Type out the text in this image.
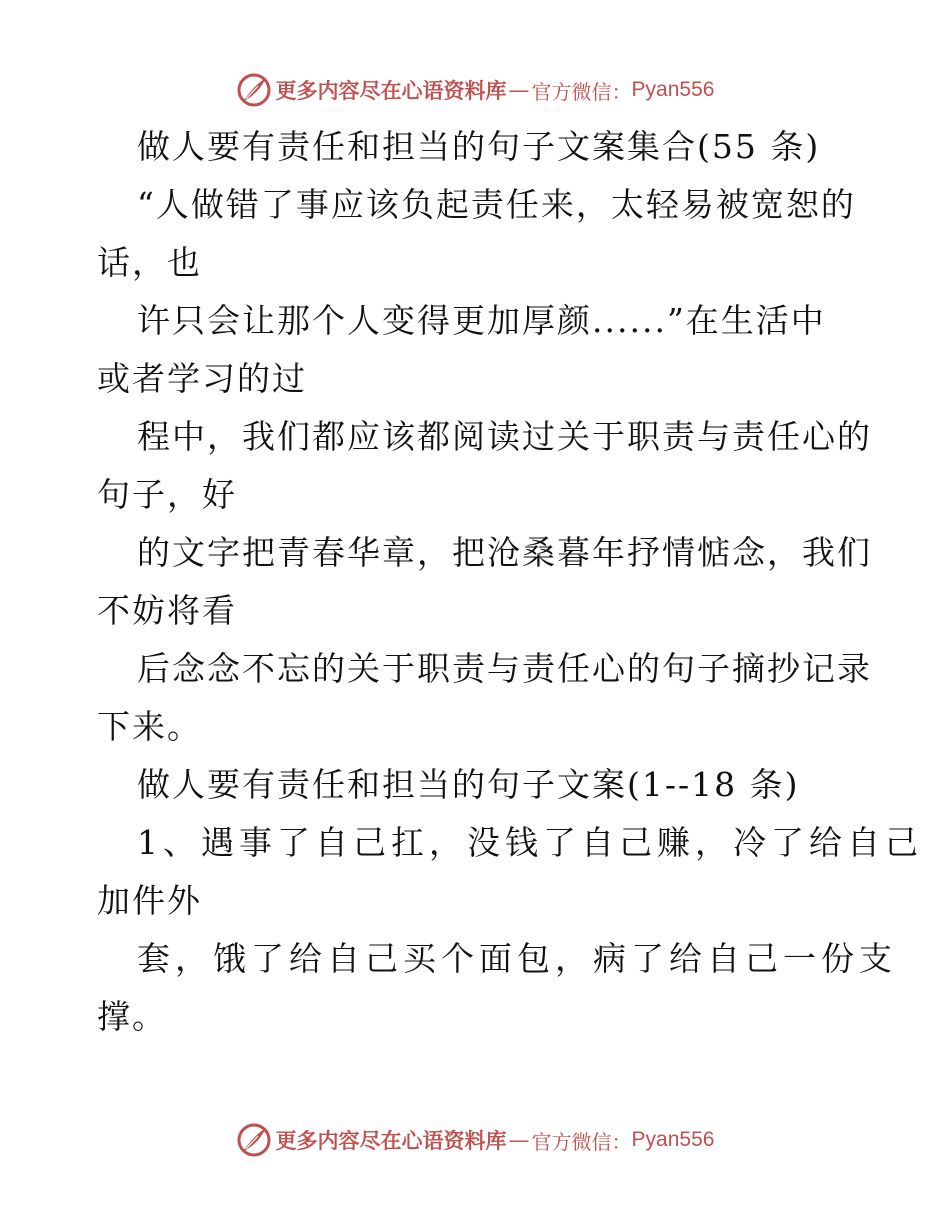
更多内容尽在心语资料库 — 官方微信： Pyan556
做人要有责任和担当的句子文案集合(55 条)
“人做错了事应该负起责任来，太轻易被宽恕的
话，也
许只会让那个人变得更加厚颜......”在生活中
或者学习的过
程中，我们都应该都阅读过关于职责与责任心的
句子，好
的文字把青春华章，把沧桑暮年抒情惦念，我们
不妨将看
后念念不忘的关于职责与责任心的句子摘抄记录
下来。
做人要有责任和担当的句子文案(1--18 条)
1、遇事了自己扛，没钱了自己赚，冷了给自己
加件外
套，饿了给自己买个面包，病了给自己一份支
撑。
更多内容尽在心语资料库 — 官方微信： Pyan556
